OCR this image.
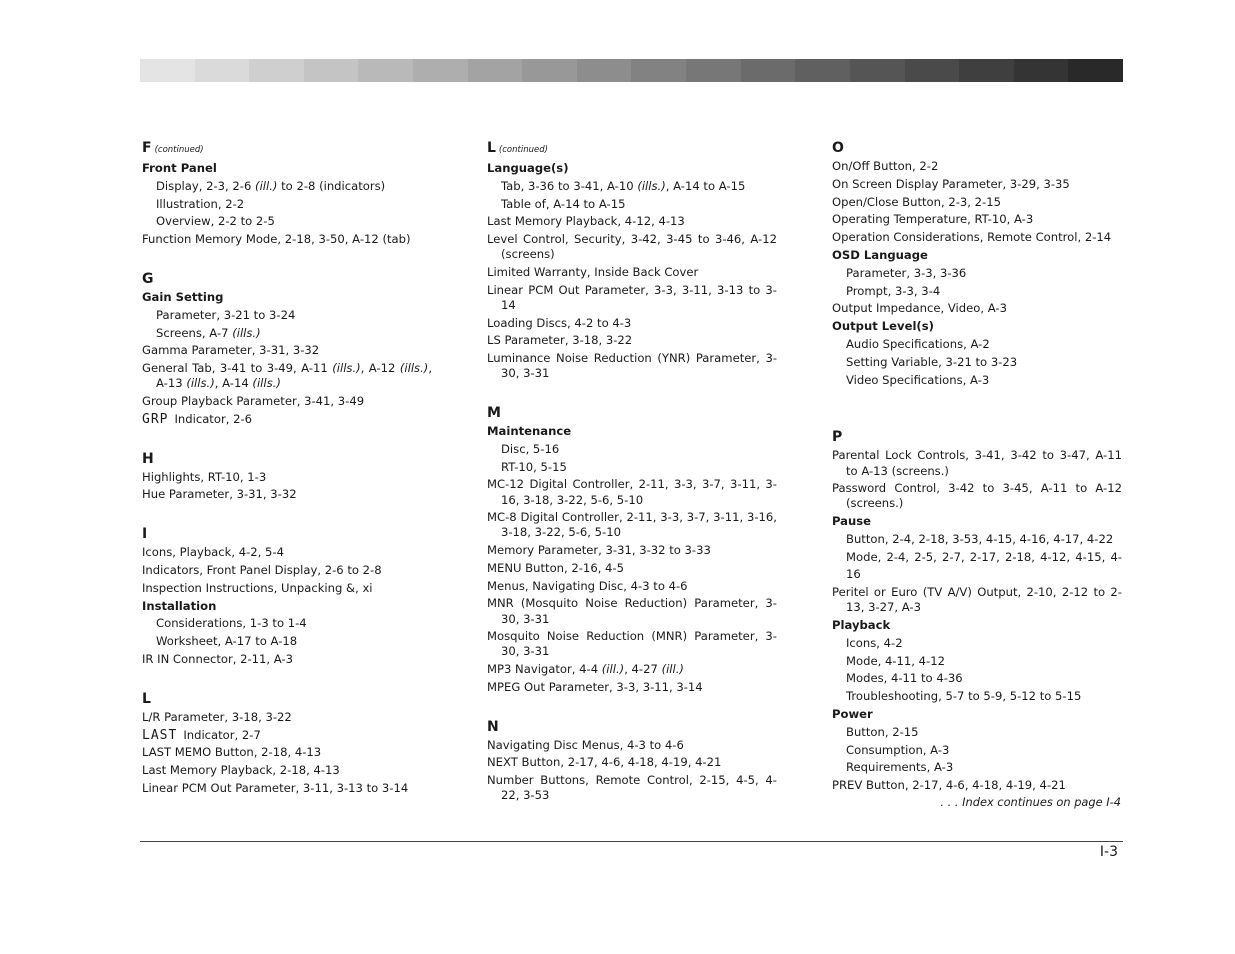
F (continued)
Front Panel
Display, 2-3, 2-6 (ill.) to 2-8 (indicators)
Illustration, 2-2
Overview, 2-2 to 2-5
Function Memory Mode, 2-18, 3-50, A-12 (tab)
G
Gain Setting
Parameter, 3-21 to 3-24
Screens, A-7 (ills.)
Gamma Parameter, 3-31, 3-32
General Tab, 3-41 to 3-49, A-11 (ills.), A-12 (ills.), A-13 (ills.), A-14 (ills.)
Group Playback Parameter, 3-41, 3-49
GRP Indicator, 2-6
H
Highlights, RT-10, 1-3
Hue Parameter, 3-31, 3-32
I
Icons, Playback, 4-2, 5-4
Indicators, Front Panel Display, 2-6 to 2-8
Inspection Instructions, Unpacking &, xi
Installation
Considerations, 1-3 to 1-4
Worksheet, A-17 to A-18
IR IN Connector, 2-11, A-3
L
L/R Parameter, 3-18, 3-22
LAST Indicator, 2-7
LAST MEMO Button, 2-18, 4-13
Last Memory Playback, 2-18, 4-13
Linear PCM Out Parameter, 3-11, 3-13 to 3-14
L (continued)
Language(s)
Tab, 3-36 to 3-41, A-10 (ills.), A-14 to A-15
Table of, A-14 to A-15
Last Memory Playback, 4-12, 4-13
Level Control, Security, 3-42, 3-45 to 3-46, A-12 (screens)
Limited Warranty, Inside Back Cover
Linear PCM Out Parameter, 3-3, 3-11, 3-13 to 3-14
Loading Discs, 4-2 to 4-3
LS Parameter, 3-18, 3-22
Luminance Noise Reduction (YNR) Parameter, 3-30, 3-31
M
Maintenance
Disc, 5-16
RT-10, 5-15
MC-12 Digital Controller, 2-11, 3-3, 3-7, 3-11, 3-16, 3-18, 3-22, 5-6, 5-10
MC-8 Digital Controller, 2-11, 3-3, 3-7, 3-11, 3-16, 3-18, 3-22, 5-6, 5-10
Memory Parameter, 3-31, 3-32 to 3-33
MENU Button, 2-16, 4-5
Menus, Navigating Disc, 4-3 to 4-6
MNR (Mosquito Noise Reduction) Parameter, 3-30, 3-31
Mosquito Noise Reduction (MNR) Parameter, 3-30, 3-31
MP3 Navigator, 4-4 (ill.), 4-27 (ill.)
MPEG Out Parameter, 3-3, 3-11, 3-14
N
Navigating Disc Menus, 4-3 to 4-6
NEXT Button, 2-17, 4-6, 4-18, 4-19, 4-21
Number Buttons, Remote Control, 2-15, 4-5, 4-22, 3-53
O
On/Off Button, 2-2
On Screen Display Parameter, 3-29, 3-35
Open/Close Button, 2-3, 2-15
Operating Temperature, RT-10, A-3
Operation Considerations, Remote Control, 2-14
OSD Language
Parameter, 3-3, 3-36
Prompt, 3-3, 3-4
Output Impedance, Video, A-3
Output Level(s)
Audio Specifications, A-2
Setting Variable, 3-21 to 3-23
Video Specifications, A-3
P
Parental Lock Controls, 3-41, 3-42 to 3-47, A-11 to A-13 (screens.)
Password Control, 3-42 to 3-45, A-11 to A-12 (screens.)
Pause
Button, 2-4, 2-18, 3-53, 4-15, 4-16, 4-17, 4-22
Mode, 2-4, 2-5, 2-7, 2-17, 2-18, 4-12, 4-15, 4-16
Peritel or Euro (TV A/V) Output, 2-10, 2-12 to 2-13, 3-27, A-3
Playback
Icons, 4-2
Mode, 4-11, 4-12
Modes, 4-11 to 4-36
Troubleshooting, 5-7 to 5-9, 5-12 to 5-15
Power
Button, 2-15
Consumption, A-3
Requirements, A-3
PREV Button, 2-17, 4-6, 4-18, 4-19, 4-21
. . . Index continues on page I-4
I-3
